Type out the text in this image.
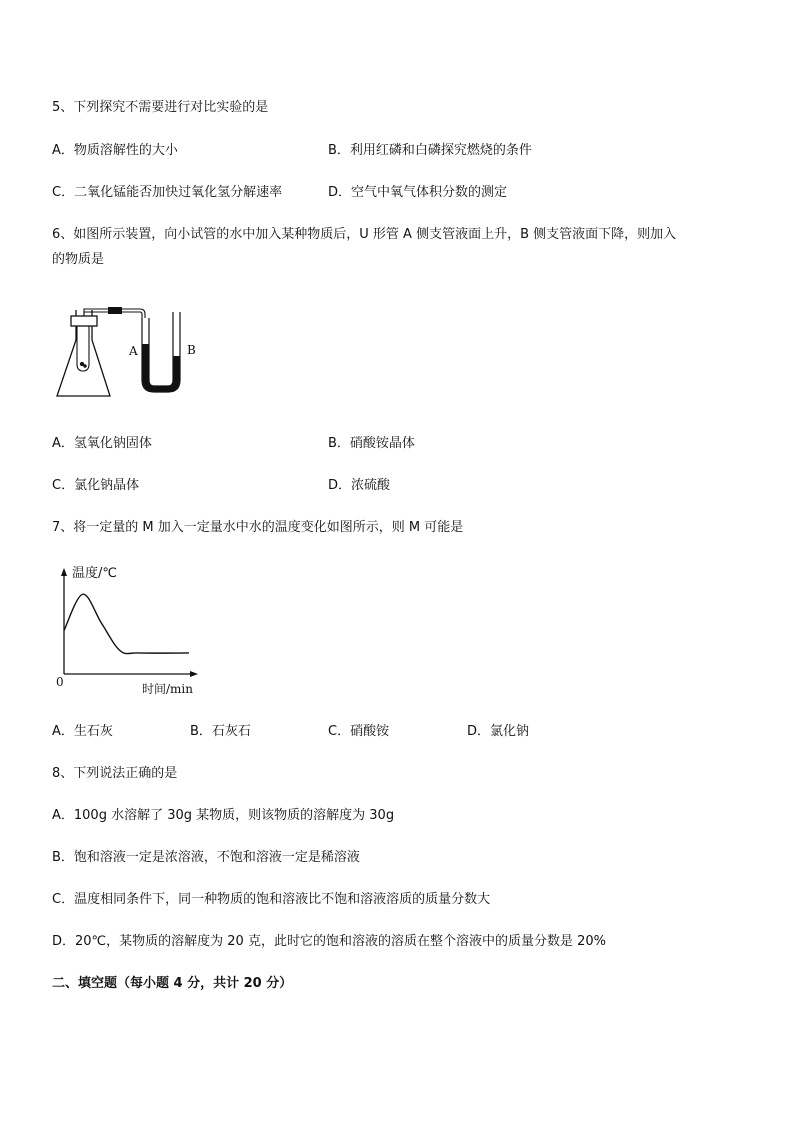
5、下列探究不需要进行对比实验的是
A．物质溶解性的大小	B．利用红磷和白磷探究燃烧的条件
C．二氧化锰能否加快过氧化氢分解速率	D．空气中氧气体积分数的测定
6、如图所示装置，向小试管的水中加入某种物质后，U 形管 A 侧支管液面上升，B 侧支管液面下降，则加入
的物质是
A	B
A．氢氧化钠固体	B．硝酸铵晶体
C．氯化钠晶体	D．浓硫酸
7、将一定量的 M 加入一定量水中水的温度变化如图所示，则 M 可能是
温度/℃
时间/min
0
A．生石灰	B．石灰石	C．硝酸铵	D．氯化钠
8、下列说法正确的是
A．100g 水溶解了 30g 某物质，则该物质的溶解度为 30g
B．饱和溶液一定是浓溶液，不饱和溶液一定是稀溶液
C．温度相同条件下，同一种物质的饱和溶液比不饱和溶液溶质的质量分数大
D．20℃，某物质的溶解度为 20 克，此时它的饱和溶液的溶质在整个溶液中的质量分数是 20%
二、填空题（每小题 4 分，共计 20 分）
